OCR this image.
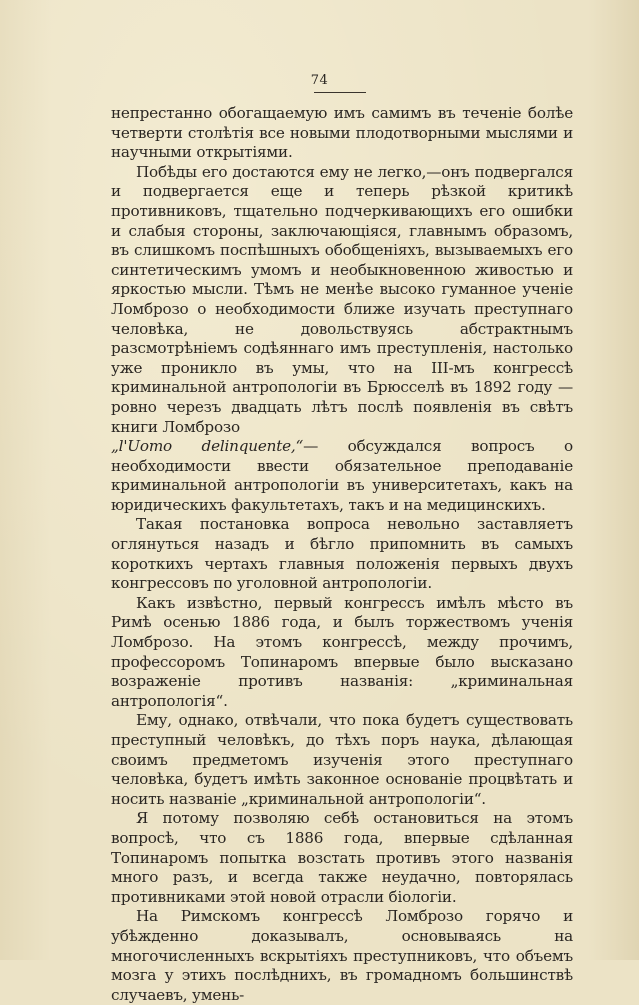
74

непрестанно обогащаемую имъ самимъ въ теченіе болѣе четверти столѣтія все новыми плодотворными мыслями и научными открытіями.

Побѣды его достаются ему не легко,—онъ подвергался и подвергается еще и теперь рѣзкой критикѣ противниковъ, тщательно подчеркивающихъ его ошибки и слабыя стороны, заключающіяся, главнымъ образомъ, въ слишкомъ поспѣшныхъ обобщеніяхъ, вызываемыхъ его синтетическимъ умомъ и необыкновенною живостью и яркостью мысли. Тѣмъ не менѣе высоко гуманное ученіе Ломброзо о необходимости ближе изучать преступнаго человѣка, не довольствуясь абстрактнымъ разсмотрѣніемъ содѣяннаго имъ преступленія, настолько уже проникло въ умы, что на III-мъ конгрессѣ криминальной антропологіи въ Брюсселѣ въ 1892 году — ровно черезъ двадцать лѣтъ послѣ появленія въ свѣтъ книги Ломброзо

„l'Uomo delinquente,“— обсуждался вопросъ о необходимости ввести обязательное преподаваніе криминальной антропологіи въ университетахъ, какъ на юридическихъ факультетахъ, такъ и на медицинскихъ.

Такая постановка вопроса невольно заставляетъ оглянуться назадъ и бѣгло припомнить въ самыхъ короткихъ чертахъ главныя положенія первыхъ двухъ конгрессовъ по уголовной антропологіи.

Какъ извѣстно, первый конгрессъ имѣлъ мѣсто въ Римѣ осенью 1886 года, и былъ торжествомъ ученія Ломброзо. На этомъ конгрессѣ, между прочимъ, профессоромъ Топинаромъ впервые было высказано возраженіе противъ названія: „криминальная антропологія“.

Ему, однако, отвѣчали, что пока будетъ существовать преступный человѣкъ, до тѣхъ поръ наука, дѣлающая своимъ предметомъ изученія этого преступнаго человѣка, будетъ имѣть законное основаніе процвѣтать и носить названіе „криминальной антропологіи“.

Я потому позволяю себѣ остановиться на этомъ вопросѣ, что съ 1886 года, впервые сдѣланная Топинаромъ попытка возстать противъ этого названія много разъ, и всегда также неудачно, повторялась противниками этой новой отрасли біологіи.

На Римскомъ конгрессѣ Ломброзо горячо и убѣжденно доказывалъ, основываясь на многочисленныхъ вскрытіяхъ преступниковъ, что объемъ мозга у этихъ послѣднихъ, въ громадномъ большинствѣ случаевъ, умень-
